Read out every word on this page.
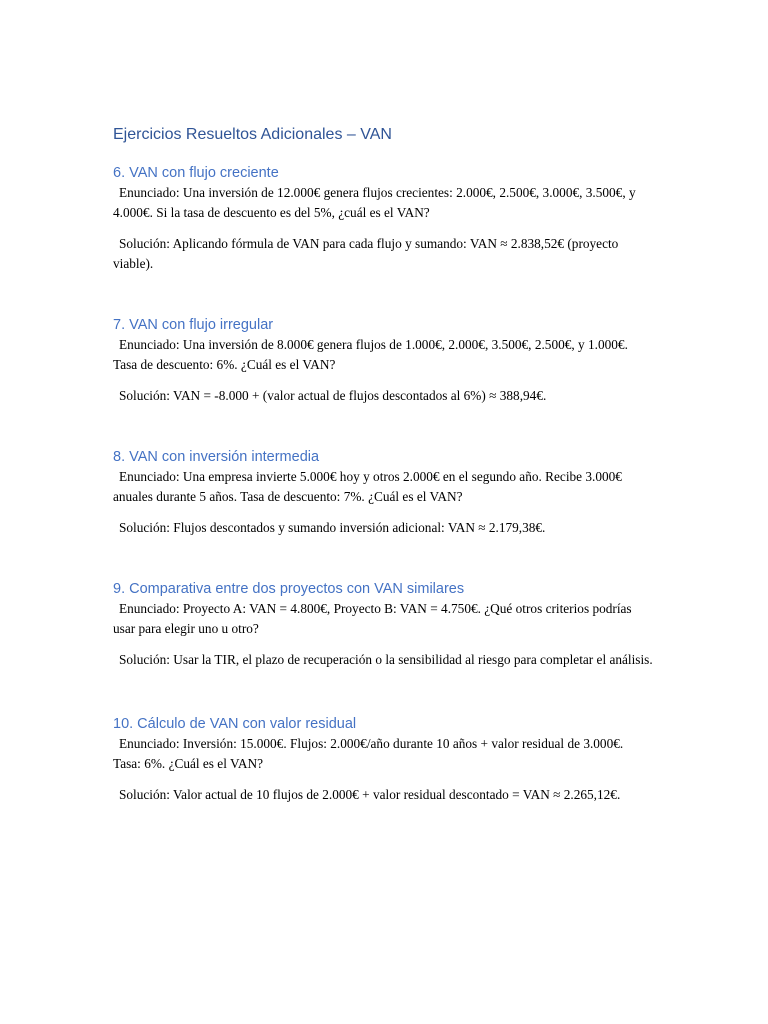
Ejercicios Resueltos Adicionales – VAN
6. VAN con flujo creciente

Enunciado: Una inversión de 12.000€ genera flujos crecientes: 2.000€, 2.500€, 3.000€, 3.500€, y 4.000€. Si la tasa de descuento es del 5%, ¿cuál es el VAN?

Solución: Aplicando fórmula de VAN para cada flujo y sumando: VAN ≈ 2.838,52€ (proyecto viable).

7. VAN con flujo irregular

Enunciado: Una inversión de 8.000€ genera flujos de 1.000€, 2.000€, 3.500€, 2.500€, y 1.000€. Tasa de descuento: 6%. ¿Cuál es el VAN?

Solución: VAN = -8.000 + (valor actual de flujos descontados al 6%) ≈ 388,94€.

8. VAN con inversión intermedia

Enunciado: Una empresa invierte 5.000€ hoy y otros 2.000€ en el segundo año. Recibe 3.000€ anuales durante 5 años. Tasa de descuento: 7%. ¿Cuál es el VAN?

Solución: Flujos descontados y sumando inversión adicional: VAN ≈ 2.179,38€.

9. Comparativa entre dos proyectos con VAN similares

Enunciado: Proyecto A: VAN = 4.800€, Proyecto B: VAN = 4.750€. ¿Qué otros criterios podrías usar para elegir uno u otro?

Solución: Usar la TIR, el plazo de recuperación o la sensibilidad al riesgo para completar el análisis.

10. Cálculo de VAN con valor residual

Enunciado: Inversión: 15.000€. Flujos: 2.000€/año durante 10 años + valor residual de 3.000€. Tasa: 6%. ¿Cuál es el VAN?

Solución: Valor actual de 10 flujos de 2.000€ + valor residual descontado = VAN ≈ 2.265,12€.
